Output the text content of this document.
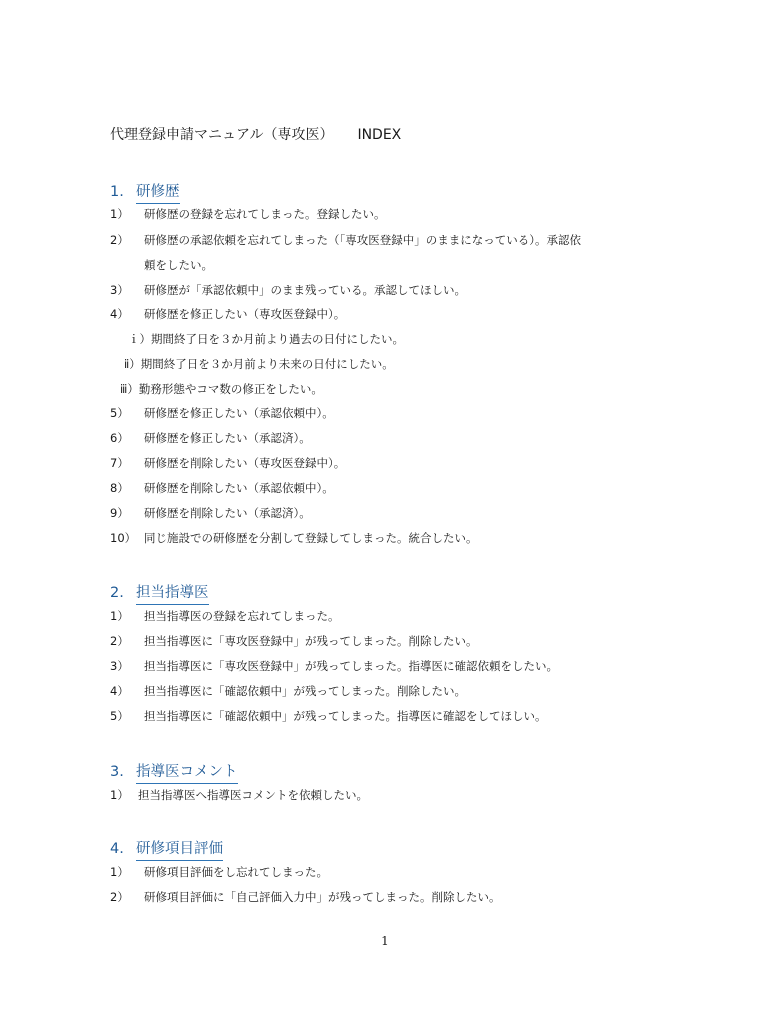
代理登録申請マニュアル（専攻医） INDEX
1. 研修歴
1） 研修歴の登録を忘れてしまった。登録したい。
2） 研修歴の承認依頼を忘れてしまった（「専攻医登録中」のままになっている）。承認依
頼をしたい。
3） 研修歴が「承認依頼中」のまま残っている。承認してほしい。
4） 研修歴を修正したい（専攻医登録中）。
ｉ）期間終了日を３か月前より過去の日付にしたい。
ⅱ）期間終了日を３か月前より未来の日付にしたい。
ⅲ）勤務形態やコマ数の修正をしたい。
5） 研修歴を修正したい（承認依頼中）。
6） 研修歴を修正したい（承認済）。
7） 研修歴を削除したい（専攻医登録中）。
8） 研修歴を削除したい（承認依頼中）。
9） 研修歴を削除したい（承認済）。
10） 同じ施設での研修歴を分割して登録してしまった。統合したい。
2. 担当指導医
1） 担当指導医の登録を忘れてしまった。
2） 担当指導医に「専攻医登録中」が残ってしまった。削除したい。
3） 担当指導医に「専攻医登録中」が残ってしまった。指導医に確認依頼をしたい。
4） 担当指導医に「確認依頼中」が残ってしまった。削除したい。
5） 担当指導医に「確認依頼中」が残ってしまった。指導医に確認をしてほしい。
3. 指導医コメント
1） 担当指導医へ指導医コメントを依頼したい。
4. 研修項目評価
1） 研修項目評価をし忘れてしまった。
2） 研修項目評価に「自己評価入力中」が残ってしまった。削除したい。
1
